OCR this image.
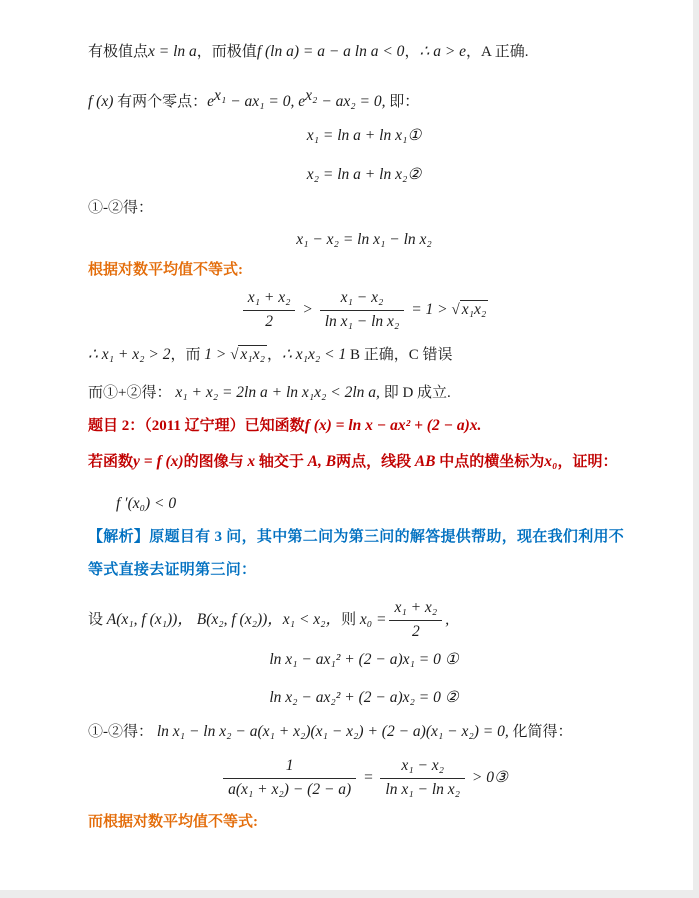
有极值点x = ln a，而极值f (ln a) = a − a ln a < 0，∴ a > e，A 正确.
f (x) 有两个零点：$e^{x_1} - ax_1 = 0$, $e^{x_2} - ax_2 = 0$, 即：
x₁ = ln a + ln x₁①
x₂ = ln a + ln x₂②
①-②得：
x₁ − x₂ = ln x₁ − ln x₂
根据对数平均值不等式:
$\frac{\text{x₁ + x₂}}{2} > \frac{\text{x₁ − x₂}}{\text{ln x₁ − ln x₂}} = 1$ > √ x₁x₂
∴ x₁ + x₂ > 2，而 1 > √ x₁x₂ ，∴ x₁x₂ < 1 B 正确，C 错误
而①+②得： x₁ + x₂ = 2ln a + ln x₁x₂ < 2ln a, 即 D 成立.
题目 2：（2011 辽宁理）已知函数f (x) = ln x − ax² + (2 − a)x.
若函数y = f (x)的图像与 x 轴交于 A, B两点，线段 AB 中点的横坐标为x₀，证明：
f ′(x₀) < 0
【解析】原题目有 3 问，其中第二问为第三问的解答提供帮助，现在我们利用不
等式直接去证明第三问：
设 A(x₁, f (x₁))， B(x₂, f (x₂))，x₁ < x₂，则 $x_0 = \frac{\text{x₁ + x₂}}{2}$ ,
ln x₁ − ax₁² + (2 − a)x₁ = 0 ①
ln x₂ − ax₂² + (2 − a)x₂ = 0 ②
①-②得： ln x₁ − ln x₂ − a(x₁ + x₂)(x₁ − x₂) + (2 − a)(x₁ − x₂) = 0, 化简得：
$\frac{1}{\text{a(x₁ + x₂) − (2 − a)}} = \frac{\text{x₁ − x₂}}{\text{ln x₁ − ln x₂}}$ > 0③
而根据对数平均值不等式:
